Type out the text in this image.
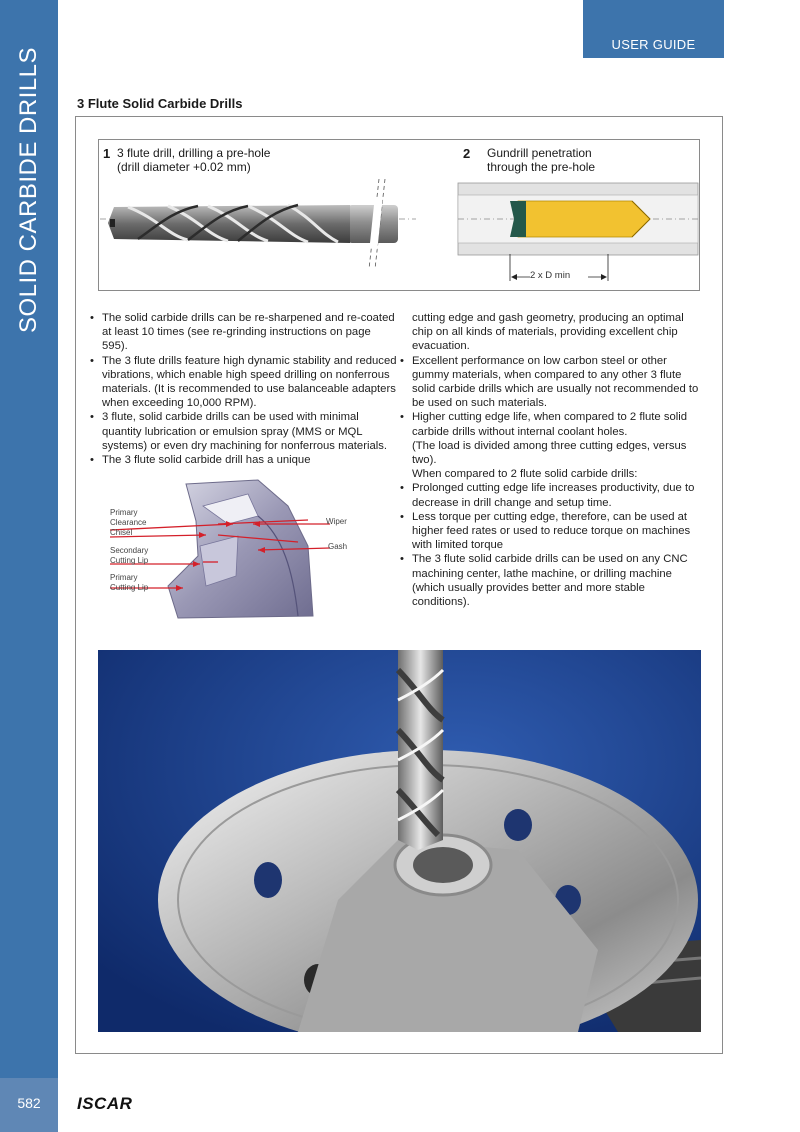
SOLID CARBIDE DRILLS
582	ISCAR
USER GUIDE
3 Flute Solid Carbide Drills
1 3 flute drill, drilling a pre-hole
(drill diameter +0.02 mm)
2 Gundrill penetration
through the pre-hole
2 x D min
• The solid carbide drills can be re-sharpened and re-coated at least 10 times (see re-grinding instructions on page 595).
• The 3 flute drills feature high dynamic stability and reduced vibrations, which enable high speed drilling on nonferrous materials. (It is recommended to use balanceable adapters when exceeding 10,000 RPM).
• 3 flute, solid carbide drills can be used with minimal quantity lubrication or emulsion spray (MMS or MQL systems) or even dry machining for nonferrous materials.
• The 3 flute solid carbide drill has a unique
cutting edge and gash geometry, producing an optimal chip on all kinds of materials, providing excellent chip evacuation.
• Excellent performance on low carbon steel or other gummy materials, when compared to any other 3 flute solid carbide drills which are usually not recommended to be used on such materials.
• Higher cutting edge life, when compared to 2 flute solid carbide drills without internal coolant holes.
(The load is divided among three cutting edges, versus two).
When compared to 2 flute solid carbide drills:
• Prolonged cutting edge life increases productivity, due to decrease in drill change and setup time.
• Less torque per cutting edge, therefore, can be used at higher feed rates or used to reduce torque on machines with limited torque
• The 3 flute solid carbide drills can be used on any CNC machining center, lathe machine, or drilling machine (which usually provides better and more stable conditions).
Primary
Clearance
Chisel
Secondary
Cutting Lip
Primary
Cutting Lip
Wiper
Gash
